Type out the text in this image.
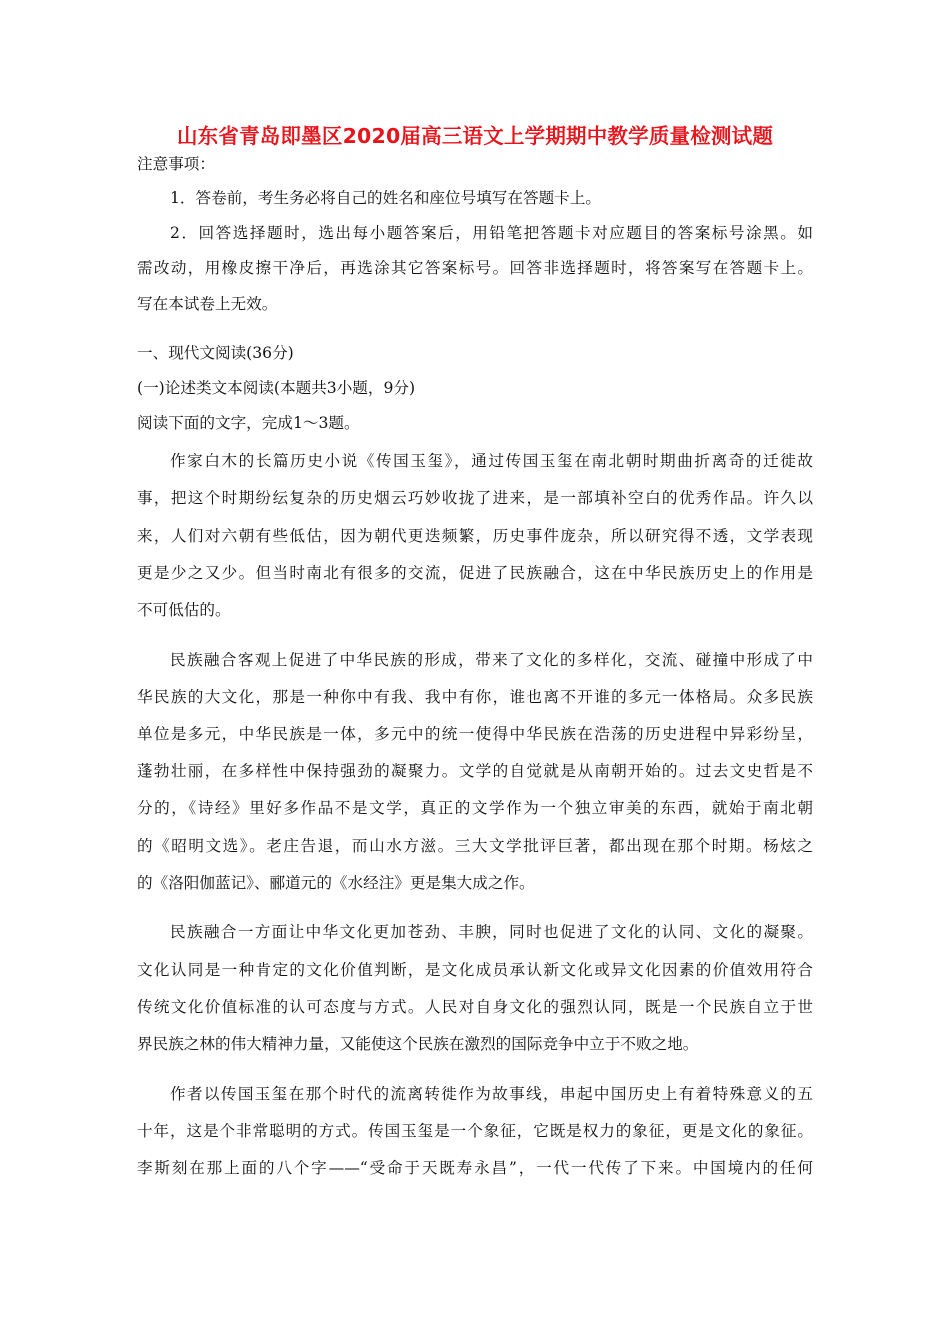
山东省青岛即墨区2020届高三语文上学期期中教学质量检测试题
注意事项：
1．答卷前，考生务必将自己的姓名和座位号填写在答题卡上。
2．回答选择题时，选出每小题答案后，用铅笔把答题卡对应题目的答案标号涂黑。如
需改动，用橡皮擦干净后，再选涂其它答案标号。回答非选择题时，将答案写在答题卡上。
写在本试卷上无效。
一、现代文阅读(36分)
(一)论述类文本阅读(本题共3小题，9分)
阅读下面的文字，完成1～3题。
作家白木的长篇历史小说《传国玉玺》，通过传国玉玺在南北朝时期曲折离奇的迁徙故
事，把这个时期纷纭复杂的历史烟云巧妙收拢了进来，是一部填补空白的优秀作品。许久以
来，人们对六朝有些低估，因为朝代更迭频繁，历史事件庞杂，所以研究得不透，文学表现
更是少之又少。但当时南北有很多的交流，促进了民族融合，这在中华民族历史上的作用是
不可低估的。
民族融合客观上促进了中华民族的形成，带来了文化的多样化，交流、碰撞中形成了中
华民族的大文化，那是一种你中有我、我中有你，谁也离不开谁的多元一体格局。众多民族
单位是多元，中华民族是一体，多元中的统一使得中华民族在浩荡的历史进程中异彩纷呈，
蓬勃壮丽，在多样性中保持强劲的凝聚力。文学的自觉就是从南朝开始的。过去文史哲是不
分的，《诗经》里好多作品不是文学，真正的文学作为一个独立审美的东西，就始于南北朝
的《昭明文选》。老庄告退，而山水方滋。三大文学批评巨著，都出现在那个时期。杨炫之
的《洛阳伽蓝记》、郦道元的《水经注》更是集大成之作。
民族融合一方面让中华文化更加苍劲、丰腴，同时也促进了文化的认同、文化的凝聚。
文化认同是一种肯定的文化价值判断，是文化成员承认新文化或异文化因素的价值效用符合
传统文化价值标准的认可态度与方式。人民对自身文化的强烈认同，既是一个民族自立于世
界民族之林的伟大精神力量，又能使这个民族在激烈的国际竞争中立于不败之地。
作者以传国玉玺在那个时代的流离转徙作为故事线，串起中国历史上有着特殊意义的五
十年，这是个非常聪明的方式。传国玉玺是一个象征，它既是权力的象征，更是文化的象征。
李斯刻在那上面的八个字——“受命于天既寿永昌”，一代一代传了下来。中国境内的任何
